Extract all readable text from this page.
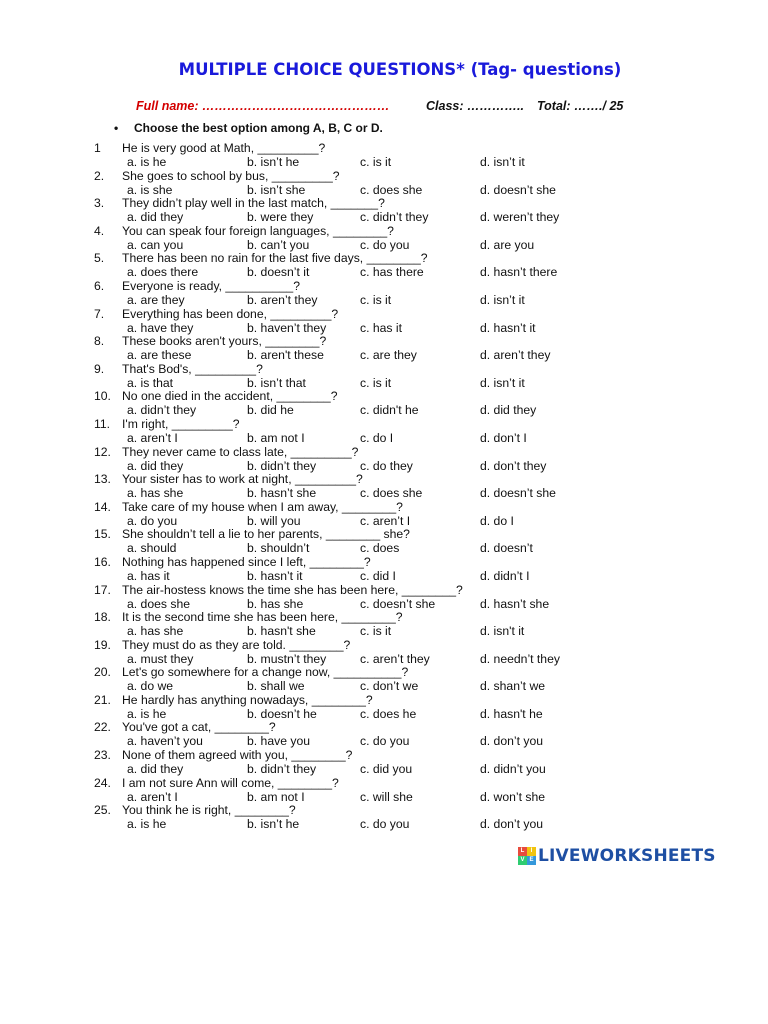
MULTIPLE CHOICE QUESTIONS* (Tag- questions)
Full name: ………………………………………	Class: ………….. Total: ……./ 25
• Choose the best option among A, B, C or D.
1 He is very good at Math, _________?
a. is he	b. isn’t he	c. is it	d. isn’t it
2. She goes to school by bus, _________?
a. is she	b. isn’t she	c. does she	d. doesn’t she
3. They didn’t play well in the last match, _______?
a. did they	b. were they	c. didn’t they	d. weren’t they
4. You can speak four foreign languages, ________?
a. can you	b. can’t you	c. do you	d. are you
5. There has been no rain for the last five days, ________?
a. does there	b. doesn’t it	c. has there	d. hasn’t there
6. Everyone is ready, __________?
a. are they	b. aren’t they	c. is it	d. isn’t it
7. Everything has been done, _________?
a. have they	b. haven’t they	c. has it	d. hasn’t it
8. These books aren't yours, ________?
a. are these	b. aren't these	c. are they	d. aren’t they
9. That's Bod's, _________?
a. is that	b. isn’t that	c. is it	d. isn’t it
10. No one died in the accident, ________?
a. didn’t they	b. did he	c. didn't he	d. did they
11. I'm right, _________?
a. aren’t I	b. am not I	c. do I	d. don’t I
12. They never came to class late, _________?
a. did they	b. didn’t they	c. do they	d. don’t they
13. Your sister has to work at night, _________?
a. has she	b. hasn’t she	c. does she	d. doesn’t she
14. Take care of my house when I am away, ________?
a. do you	b. will you	c. aren’t I	d. do I
15. She shouldn’t tell a lie to her parents, ________ she?
a. should	b. shouldn’t	c. does	d. doesn’t
16. Nothing has happened since I left, ________?
a. has it	b. hasn’t it	c. did I	d. didn’t I
17. The air-hostess knows the time she has been here, ________?
a. does she	b. has she	c. doesn’t she	d. hasn’t she
18. It is the second time she has been here, ________?
a. has she	b. hasn't she	c. is it	d. isn't it
19. They must do as they are told. ________?
a. must they	b. mustn’t they	c. aren’t they	d. needn’t they
20. Let's go somewhere for a change now, __________?
a. do we	b. shall we	c. don’t we	d. shan’t we
21. He hardly has anything nowadays, ________?
a. is he	b. doesn’t he	c. does he	d. hasn't he
22. You've got a cat, ________?
a. haven’t you	b. have you	c. do you	d. don’t you
23. None of them agreed with you, ________?
a. did they	b. didn’t they	c. did you	d. didn’t you
24. I am not sure Ann will come, ________?
a. aren’t I	b. am not I	c. will she	d. won’t she
25. You think he is right, ________?
a. is he	b. isn’t he	c. do you	d. don’t you
L	I
V E LIVEWORKSHEETS
